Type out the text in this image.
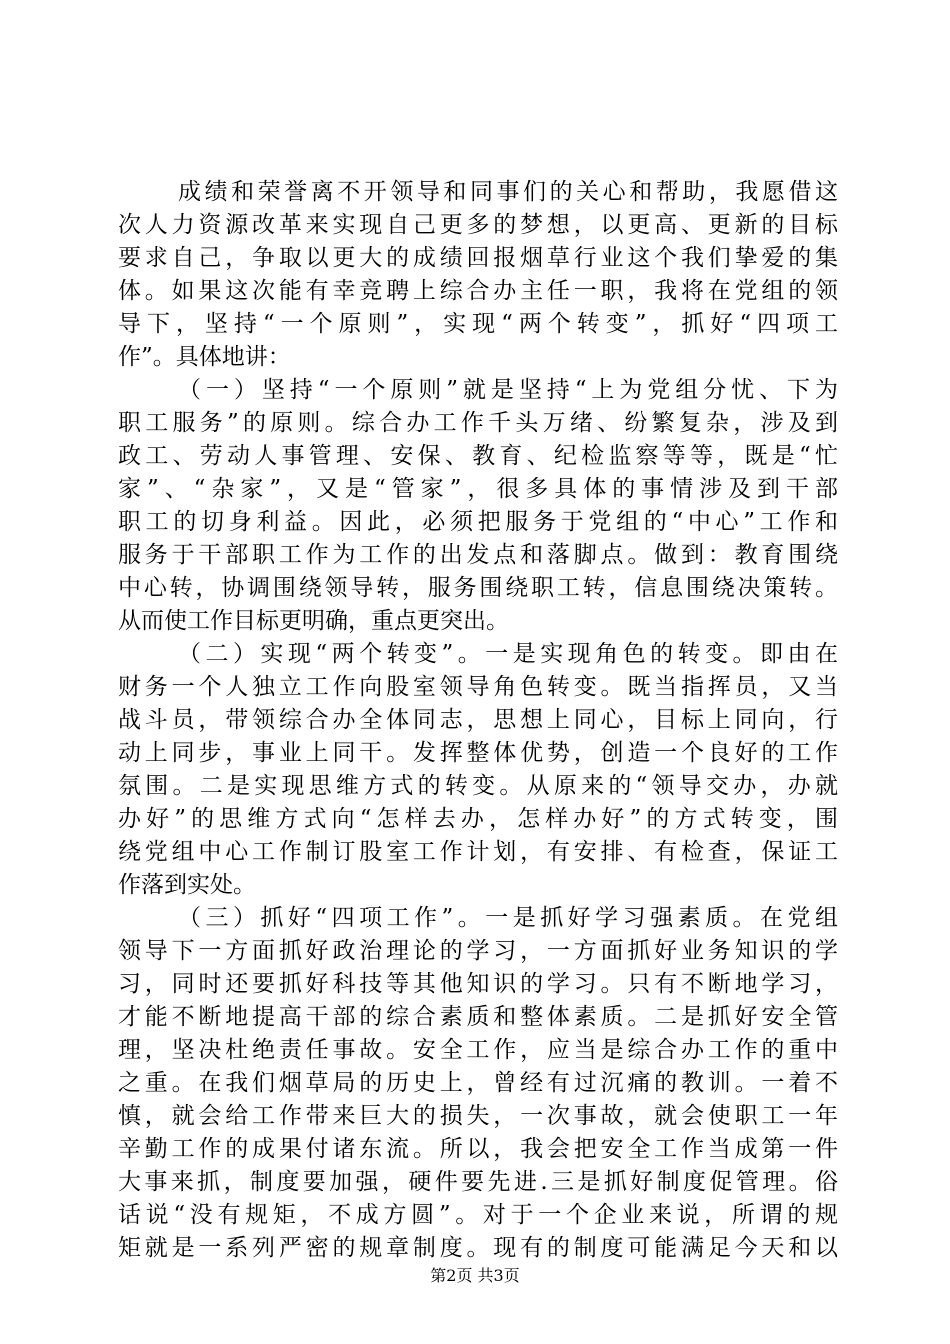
成绩和荣誉离不开领导和同事们的关心和帮助，我愿借这
次人力资源改革来实现自己更多的梦想，以更高、更新的目标
要求自己，争取以更大的成绩回报烟草行业这个我们挚爱的集
体。如果这次能有幸竞聘上综合办主任一职，我将在党组的领
导下，坚持“一个原则”，实现“两个转变”，抓好“四项工
作”。具体地讲：
（一）坚持“一个原则”就是坚持“上为党组分忧、下为
职工服务”的原则。综合办工作千头万绪、纷繁复杂，涉及到
政工、劳动人事管理、安保、教育、纪检监察等等，既是“忙
家”、“杂家”，又是“管家”，很多具体的事情涉及到干部
职工的切身利益。因此，必须把服务于党组的“中心”工作和
服务于干部职工作为工作的出发点和落脚点。做到：教育围绕
中心转，协调围绕领导转，服务围绕职工转，信息围绕决策转。
从而使工作目标更明确，重点更突出。
（二）实现“两个转变”。一是实现角色的转变。即由在
财务一个人独立工作向股室领导角色转变。既当指挥员，又当
战斗员，带领综合办全体同志，思想上同心，目标上同向，行
动上同步，事业上同干。发挥整体优势，创造一个良好的工作
氛围。二是实现思维方式的转变。从原来的“领导交办，办就
办好”的思维方式向“怎样去办，怎样办好”的方式转变，围
绕党组中心工作制订股室工作计划，有安排、有检查，保证工
作落到实处。
（三）抓好“四项工作”。一是抓好学习强素质。在党组
领导下一方面抓好政治理论的学习，一方面抓好业务知识的学
习，同时还要抓好科技等其他知识的学习。只有不断地学习，
才能不断地提高干部的综合素质和整体素质。二是抓好安全管
理，坚决杜绝责任事故。安全工作，应当是综合办工作的重中
之重。在我们烟草局的历史上，曾经有过沉痛的教训。一着不
慎，就会给工作带来巨大的损失，一次事故，就会使职工一年
辛勤工作的成果付诸东流。所以，我会把安全工作当成第一件
大事来抓，制度要加强，硬件要先进.三是抓好制度促管理。俗
话说“没有规矩，不成方圆”。对于一个企业来说，所谓的规
矩就是一系列严密的规章制度。现有的制度可能满足今天和以
第2页 共3页
